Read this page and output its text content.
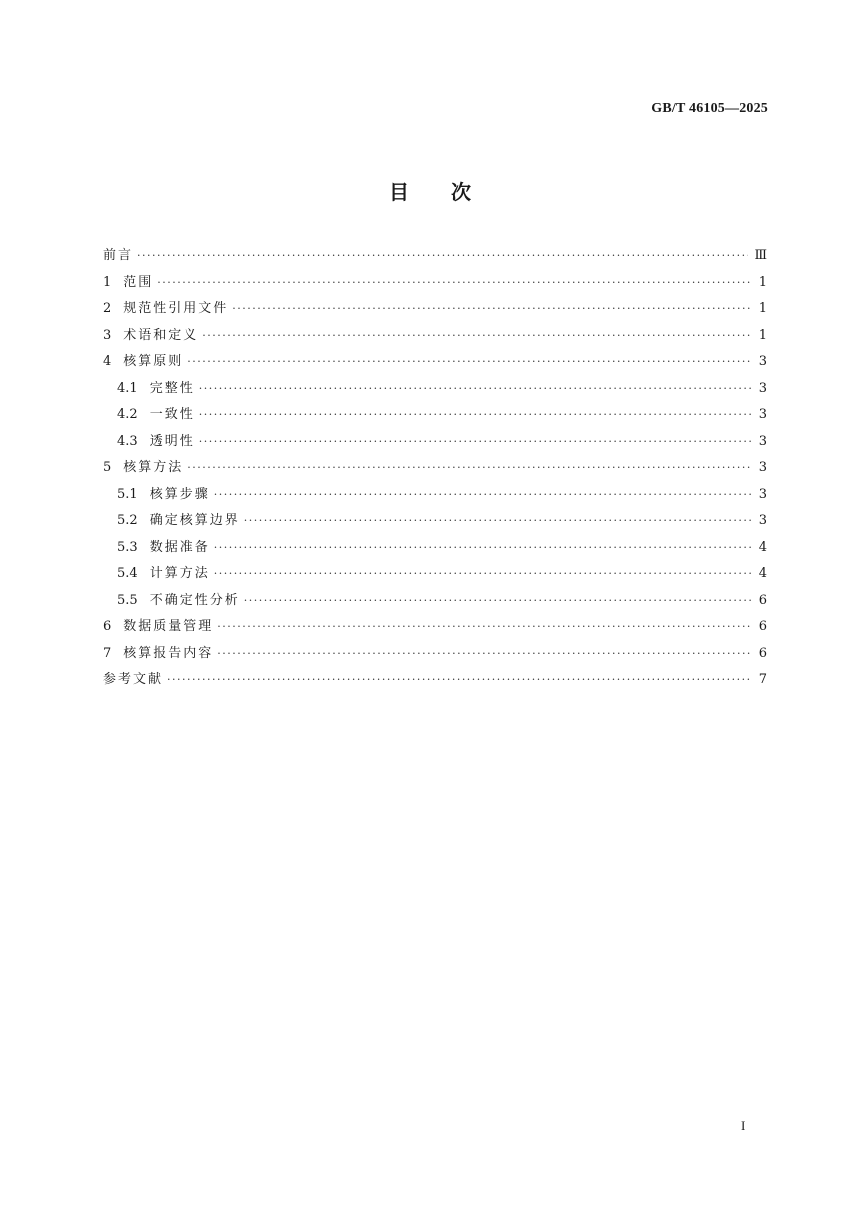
GB/T 46105—2025
目次
前言 ·····	Ⅲ
1 范围 ·····	1
2 规范性引用文件 ·····	1
3 术语和定义 ·····	1
4 核算原则 ·····	3
4.1 完整性 ·····	3
4.2 一致性 ·····	3
4.3 透明性 ·····	3
5 核算方法 ·····	3
5.1 核算步骤 ·····	3
5.2 确定核算边界 ·····	3
5.3 数据准备 ·····	4
5.4 计算方法 ·····	4
5.5 不确定性分析 ·····	6
6 数据质量管理 ·····	6
7 核算报告内容 ·····	6
参考文献 ·····	7
I
